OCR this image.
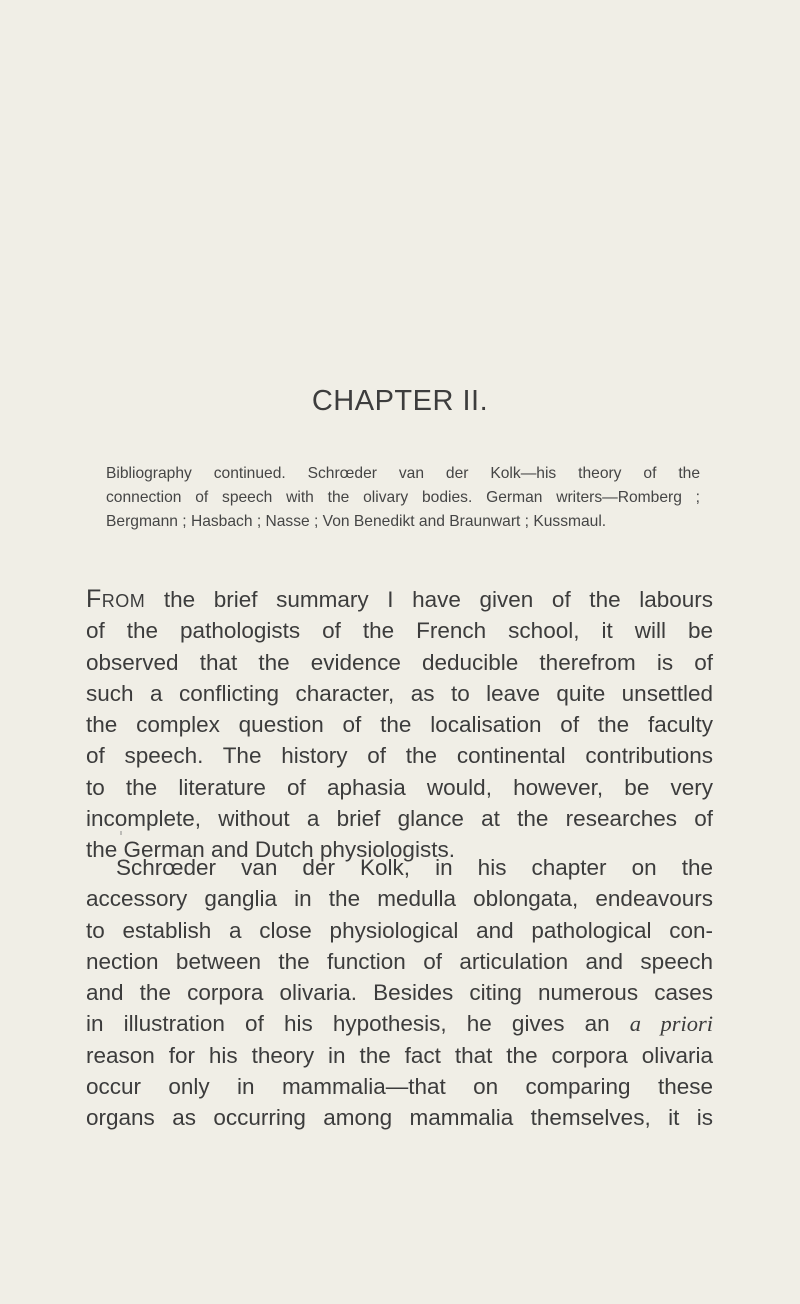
CHAPTER II.
Bibliography continued. Schrœder van der Kolk—his theory of the
connection of speech with the olivary bodies. German writers—Romberg ;
Bergmann ; Hasbach ; Nasse ; Von Benedikt and Braunwart ; Kussmaul.
From the brief summary I have given of the labours
of the pathologists of the French school, it will be
observed that the evidence deducible therefrom is of
such a conflicting character, as to leave quite unsettled
the complex question of the localisation of the faculty
of speech. The history of the continental contributions
to the literature of aphasia would, however, be very
incomplete, without a brief glance at the researches of
the German and Dutch physiologists.
Schrœder van der Kolk, in his chapter on the
accessory ganglia in the medulla oblongata, endeavours
to establish a close physiological and pathological con-
nection between the function of articulation and speech
and the corpora olivaria. Besides citing numerous cases
in illustration of his hypothesis, he gives an a priori
reason for his theory in the fact that the corpora olivaria
occur only in mammalia—that on comparing these
organs as occurring among mammalia themselves, it is
